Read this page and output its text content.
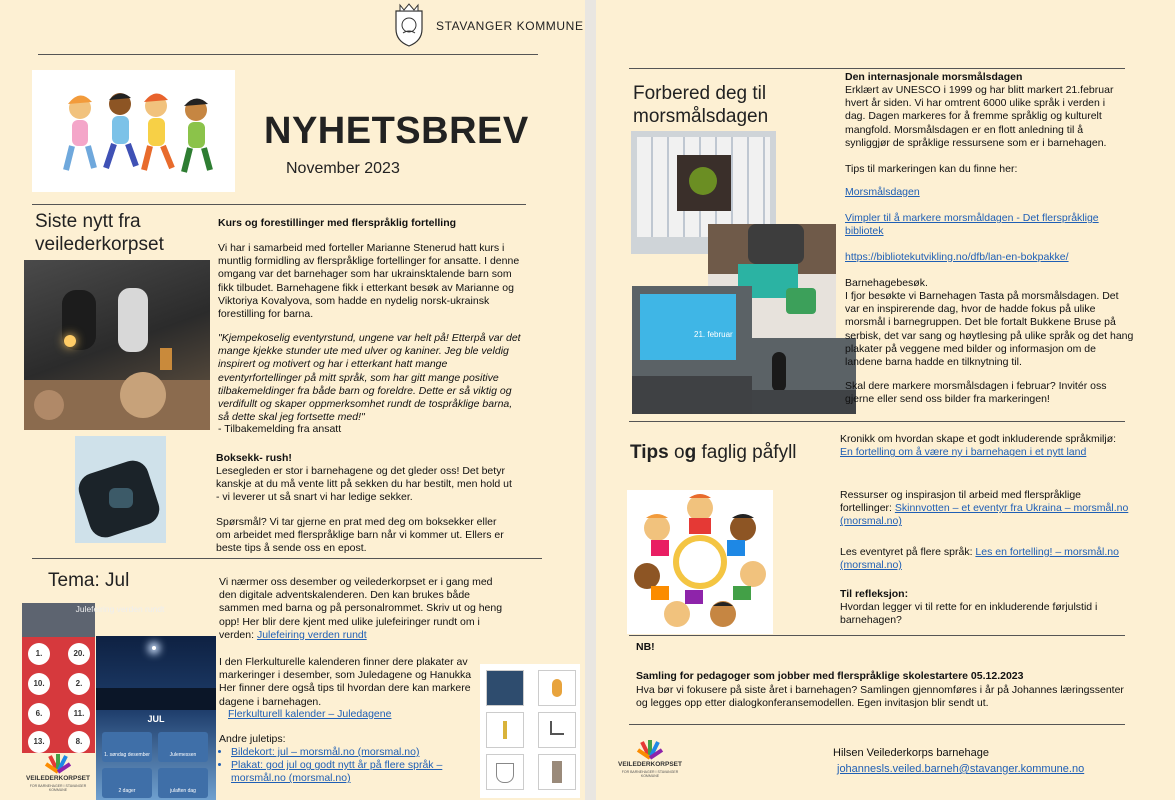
STAVANGER KOMMUNE
NYHETSBREV
November 2023
Siste nytt fra veilederkorpset
Kurs og forestillinger med flerspråklig fortelling
Vi har i samarbeid med forteller Marianne Stenerud hatt kurs i muntlig formidling av flerspråklige fortellinger for ansatte. I denne omgang var det barnehager som har ukrainsktalende barn som fikk tilbudet. Barnehagene fikk i etterkant besøk av Marianne og Viktoriya Kovalyova, som hadde en nydelig norsk-ukrainsk forestilling for barna.
"Kjempekoselig eventyrstund, ungene var helt på! Etterpå var det mange kjekke stunder ute med ulver og kaniner. Jeg ble veldig inspirert og motivert og har i etterkant hatt mange eventyrfortellinger på mitt språk, som har gitt mange positive tilbakemeldinger fra både barn og foreldre. Dette er så viktig og verdifullt og skaper oppmerksomhet rundt de tospråklige barna, så dette skal jeg fortsette med!"
- Tilbakemelding fra ansatt
Boksekk- rush!
Lesegleden er stor i barnehagene og det gleder oss! Det betyr kanskje at du må vente litt på sekken du har bestilt, men hold ut - vi leverer ut så snart vi har ledige sekker.
Spørsmål? Vi tar gjerne en prat med deg om boksekker eller om arbeidet med flerspråklige barn når vi kommer ut. Ellers er beste tips å sende oss en epost.
Tema: Jul	Vi nærmer oss desember og veilederkorpset er i gang med den digitale adventskalenderen. Den kan brukes både sammen med barna og på personalrommet. Skriv ut og heng opp! Her blir dere kjent med ulike julefeiringer rundt om i verden: Julefeiring verden rundt
I den Flerkulturelle kalenderen finner dere plakater av markeringer i desember, som Juledagene og Hanukka Her finner dere også tips til hvordan dere kan markere dagene i barnehagen.
Flerkulturell kalender – Juledagene
Andre juletips:
• Bildekort: jul – morsmål.no (morsmal.no)
• Plakat: god jul og godt nytt år på flere språk – morsmål.no (morsmal.no)
1.	20.
10.	2.
6.	11.
13.	8.
Julefeiring verden rundt
JUL
1. søndag desember	Julemessen
2 dager	julaften dag
VEILEDERKORPSET
FOR BARNEHAGER I STAVANGER KOMMUNE
Forbered deg til morsmålsdagen
21. februar
Den internasjonale morsmålsdagen
Erklært av UNESCO i 1999 og har blitt markert 21.februar hvert år siden. Vi har omtrent 6000 ulike språk i verden i dag. Dagen markeres for å fremme språklig og kulturelt mangfold. Morsmålsdagen er en flott anledning til å synliggjør de språklige ressursene som er i barnehagen.
Tips til markeringen kan du finne her:
Morsmålsdagen
Vimpler til å markere morsmåldagen - Det flerspråklige bibliotek
https://bibliotekutvikling.no/dfb/lan-en-bokpakke/
Barnehagebesøk.
I fjor besøkte vi Barnehagen Tasta på morsmålsdagen. Det var en inspirerende dag, hvor de hadde fokus på ulike morsmål i barnegruppen. Det ble fortalt Bukkene Bruse på serbisk, det var sang og høytlesing på ulike språk og det hang plakater på veggene med bilder og informasjon om de landene barna hadde en tilknytning til.
Skal dere markere morsmålsdagen i februar? Invitér oss gjerne eller send oss bilder fra markeringen!
Tips og faglig påfyll
Kronikk om hvordan skape et godt inkluderende språkmiljø: En fortelling om å være ny i barnehagen i et nytt land
Ressurser og inspirasjon til arbeid med flerspråklige fortellinger: Skinnvotten – et eventyr fra Ukraina – morsmål.no (morsmal.no)
Les eventyret på flere språk: Les en fortelling! – morsmål.no (morsmal.no)
Til refleksjon:
Hvordan legger vi til rette for en inkluderende førjulstid i barnehagen?
NB!
Samling for pedagoger som jobber med flerspråklige skolestartere 05.12.2023
Hva bør vi fokusere på siste året i barnehagen? Samlingen gjennomføres i år på Johannes læringssenter og legges opp etter dialogkonferansemodellen. Egen invitasjon blir sendt ut.
VEILEDERKORPSET
FOR BARNEHAGER I STAVANGER KOMMUNE
Hilsen Veilederkorps barnehage
johannesls.veiled.barneh@stavanger.kommune.no
